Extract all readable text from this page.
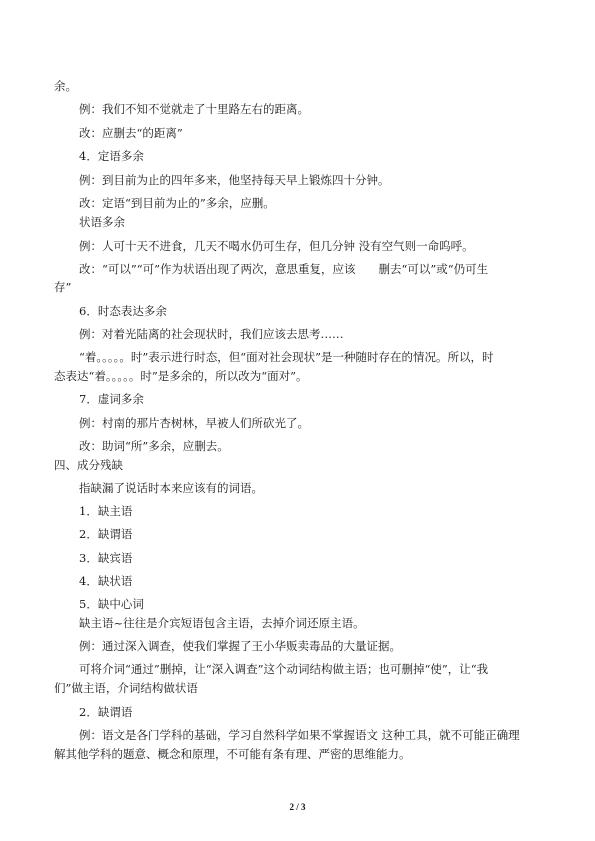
余。
例：我们不知不觉就走了十里路左右的距离。
改：应删去“的距离”
4．定语多余
例：到目前为止的四年多来，他坚持每天早上锻炼四十分钟。
改：定语“到目前为止的”多余，应删。
状语多余
例：人可十天不进食，几天不喝水仍可生存，但几分钟 没有空气则一命呜呼。
改：“可以”“可”作为状语出现了两次，意思重复，应该　　删去“可以”或“仍可生
存”
6．时态表达多余
例：对着光陆离的社会现状时，我们应该去思考……
“着。。。。。时”表示进行时态，但“面对社会现状”是一种随时存在的情况。所以，时
态表达“着。。。。。时”是多余的，所以改为“面对”。
7．虚词多余
例：村南的那片杏树林，早被人们所砍光了。
改：助词“所”多余，应删去。
四、成分残缺
指缺漏了说话时本来应该有的词语。
1．缺主语
2．缺谓语
3．缺宾语
4．缺状语
5．缺中心词
缺主语~往往是介宾短语包含主语，去掉介词还原主语。
例：通过深入调查，使我们掌握了王小华贩卖毒品的大量证据。
可将介词“通过”删掉，让“深入调查”这个动词结构做主语；也可删掉“使”，让“我
们”做主语，介词结构做状语
2．缺谓语
例：语文是各门学科的基础，学习自然科学如果不掌握语文 这种工具，就不可能正确理
解其他学科的题意、概念和原理，不可能有条有理、严密的思维能力。
2 / 3
